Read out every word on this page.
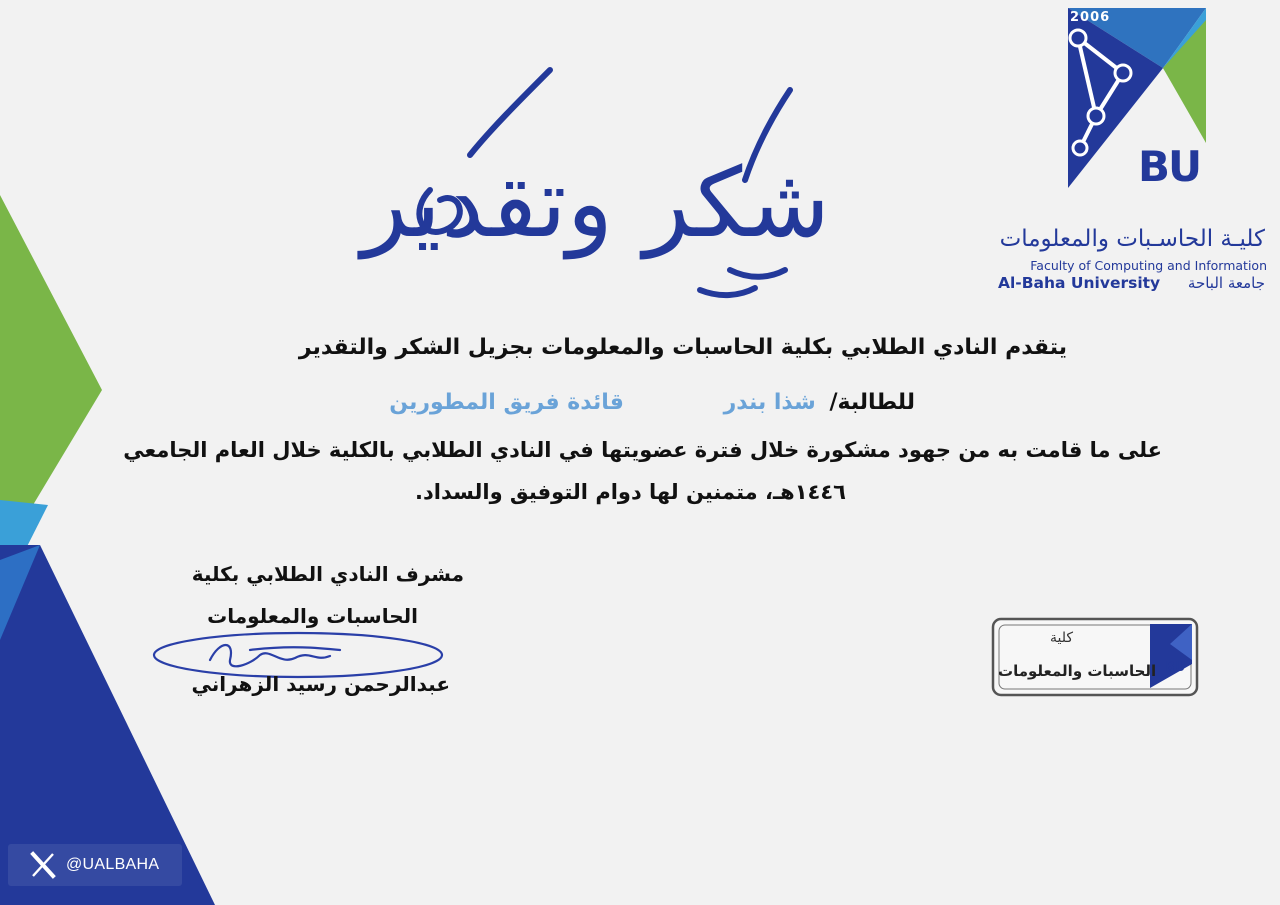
2006
BU
كليـة الحاسـبات والمعلومات
Faculty of Computing and Information
Al-Baha University جامعة الباحة
شكر وتقدير
يتقدم النادي الطلابي بكلية الحاسبات والمعلومات بجزيل الشكر والتقدير
للطالبة/ شذا بندر قائدة فريق المطورين
على ما قامت به من جهود مشكورة خلال فترة عضويتها في النادي الطلابي بالكلية خلال العام الجامعي
١٤٤٦هـ، متمنين لها دوام التوفيق والسداد.
مشرف النادي الطلابي بكلية
الحاسبات والمعلومات
عبدالرحمن رسيد الزهراني
كلية
الحاسبات والمعلومات BU
@UALBAHA
